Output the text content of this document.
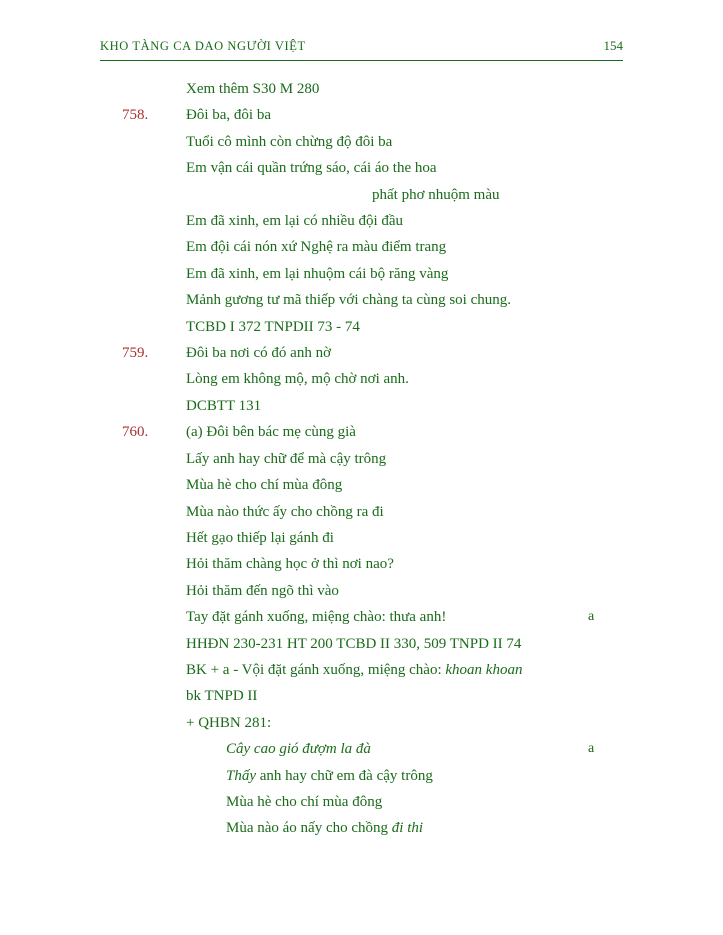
KHO TÀNG CA DAO NGƯỜI VIỆT	154
Xem thêm S30 M 280
758.	Đôi ba, đôi ba
Tuổi cô mình còn chừng độ đôi ba
Em vận cái quần trứng sáo, cái áo the hoa
phất phơ nhuộm màu
Em đã xinh, em lại có nhiều đội đầu
Em đội cái nón xứ Nghệ ra màu điểm trang
Em đã xinh, em lại nhuộm cái bộ răng vàng
Mảnh gương tư mã thiếp với chàng ta cùng soi chung.
TCBD I 372 TNPDII 73 - 74
759.	Đôi ba nơi có đó anh nờ
Lòng em không mộ, mộ chờ nơi anh.
DCBTT 131
760.	(a) Đôi bên bác mẹ cùng già
Lấy anh hay chữ để mà cậy trông
Mùa hè cho chí mùa đông
Mùa nào thức ấy cho chồng ra đi
Hết gạo thiếp lại gánh đi
Hỏi thăm chàng học ở thì nơi nao?
Hỏi thăm đến ngõ thì vào
Tay đặt gánh xuống, miệng chào: thưa anh!	a
HHĐN 230-231 HT 200 TCBD II 330, 509 TNPD II 74
BK + a - Vội đặt gánh xuống, miệng chào: khoan khoan
bk TNPD II
+ QHBN 281:
Cây cao gió đượm la đà	a
Thấy anh hay chữ em đà cậy trông
Mùa hè cho chí mùa đông
Mùa nào áo nấy cho chồng đi thi
